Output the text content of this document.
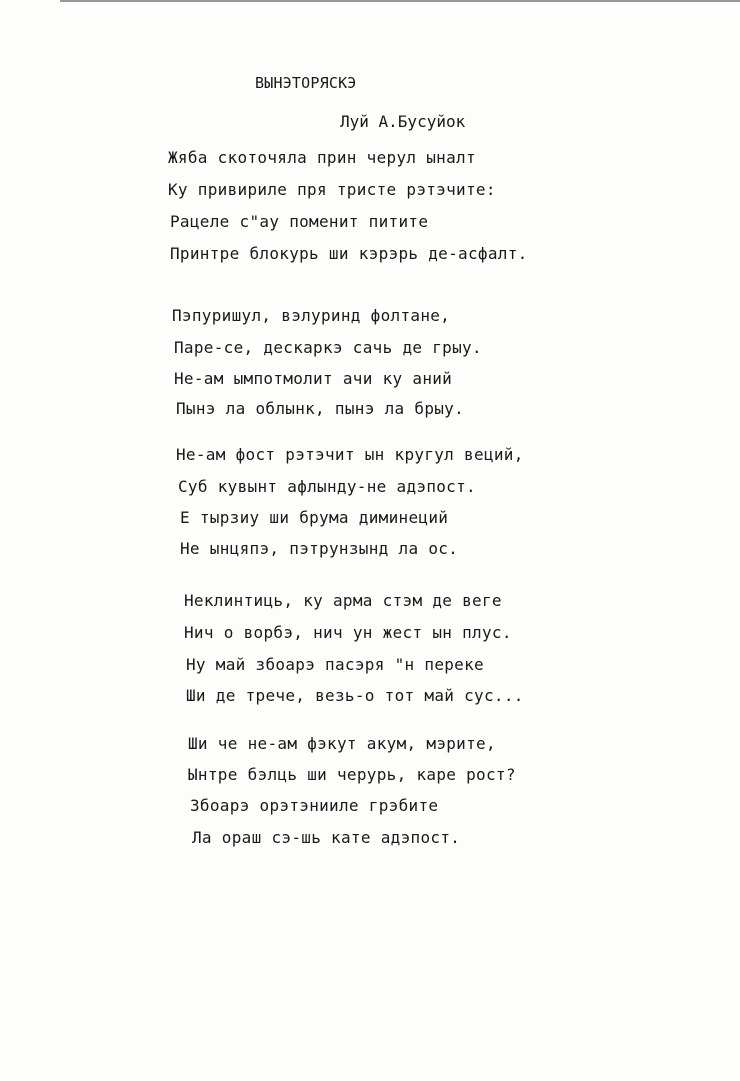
ВЫНЭТОРЯСКЭ
Луй А.Бусуйок
Жяба скоточяла прин черул ыналт
Ку привириле пря тристе рэтэчите:
Рацеле с"ау поменит питите
Принтре блокурь ши кэрэрь де-асфалт.
Пэпуришул, вэлуринд фолтане,
Паре-се, дескаркэ сачь де грыу.
Не-ам ымпотмолит ачи ку аний
Пынэ ла облынк, пынэ ла брыу.
Не-ам фост рэтэчит ын кругул веций,
Суб кувынт афлынду-не адэпост.
Е тырзиу ши брума диминеций
Не ынцяпэ, пэтрунзынд ла ос.
Неклинтиць, ку арма стэм де веге
Нич о ворбэ, нич ун жест ын плус.
Ну май збоарэ пасэря "н переке
Ши де трече, везь-о тот май сус...
Ши че не-ам фэкут акум, мэрите,
Ынтре бэлць ши черурь, каре рост?
Збоарэ орэтэнииле грэбите
Ла ораш сэ-шь кате адэпост.
